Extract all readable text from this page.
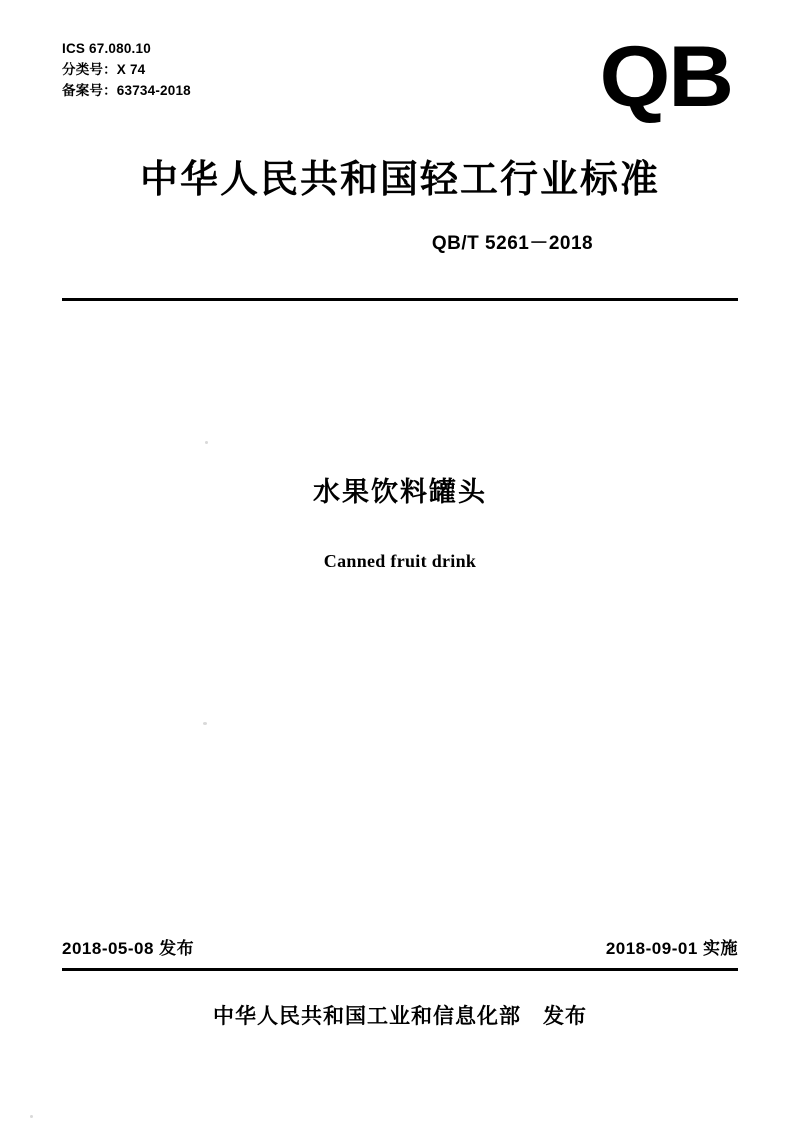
ICS 67.080.10
分类号：X 74
备案号：63734-2018	QB
中华人民共和国轻工行业标准
QB/T 5261－2018
水果饮料罐头
Canned fruit drink
2018-05-08 发布	2018-09-01 实施
中华人民共和国工业和信息化部 发布
